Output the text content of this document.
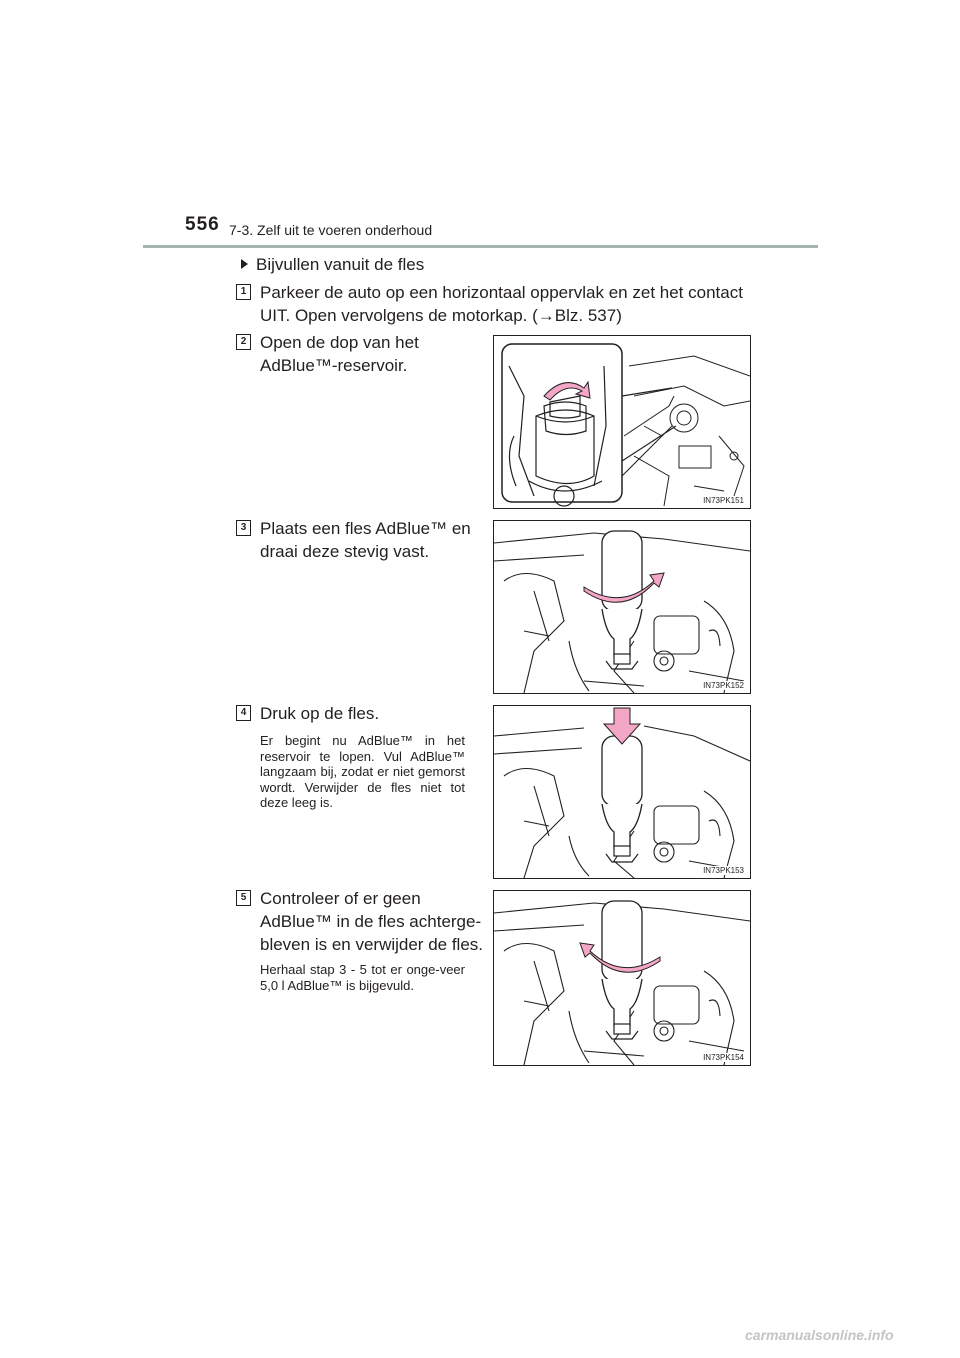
556 7-3. Zelf uit te voeren onderhoud
Bijvullen vanuit de fles
1 Parkeer de auto op een horizontaal oppervlak en zet het contact
UIT. Open vervolgens de motorkap. (→Blz. 537)
2 Open de dop van het
AdBlue™-reservoir.
IN73PK151
3 Plaats een fles AdBlue™ en
draai deze stevig vast.
IN73PK152
4 Druk op de fles.
Er begint nu AdBlue™ in het reservoir te lopen. Vul AdBlue™ langzaam bij, zodat er niet gemorst wordt. Verwijder de fles niet tot deze leeg is.
IN73PK153
5 Controleer of er geen
AdBlue™ in de fles achterge-
bleven is en verwijder de fles.
Herhaal stap 3 - 5 tot er onge-veer 5,0 l AdBlue™ is bijgevuld.
IN73PK154
carmanualsonline.info
